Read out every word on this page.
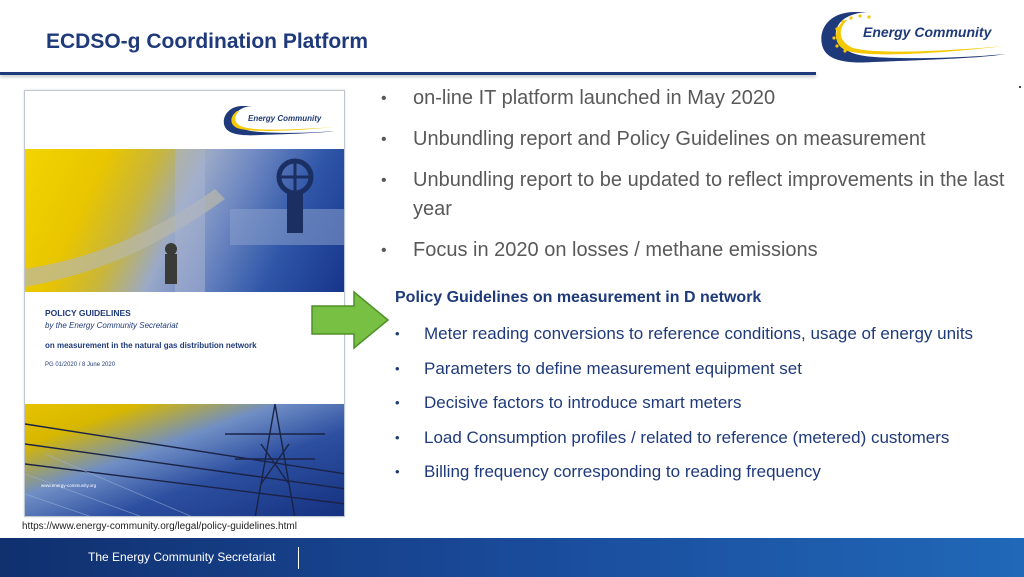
ECDSO-g Coordination Platform	Energy Community
Energy Community
POLICY GUIDELINES
by the Energy Community Secretariat
on measurement in the natural gas distribution network
PG 01/2020 / 8 June 2020
www.energy-community.org
https://www.energy-community.org/legal/policy-guidelines.html
• on-line IT platform launched in May 2020
• Unbundling report and Policy Guidelines on measurement
• Unbundling report to be updated to reflect improvements in the last year
• Focus in 2020 on losses / methane emissions
Policy Guidelines on measurement in D network
• Meter reading conversions to reference conditions, usage of energy units
• Parameters to define measurement equipment set
• Decisive factors to introduce smart meters
• Load Consumption profiles / related to reference (metered) customers
• Billing frequency corresponding to reading frequency
The Energy Community Secretariat
